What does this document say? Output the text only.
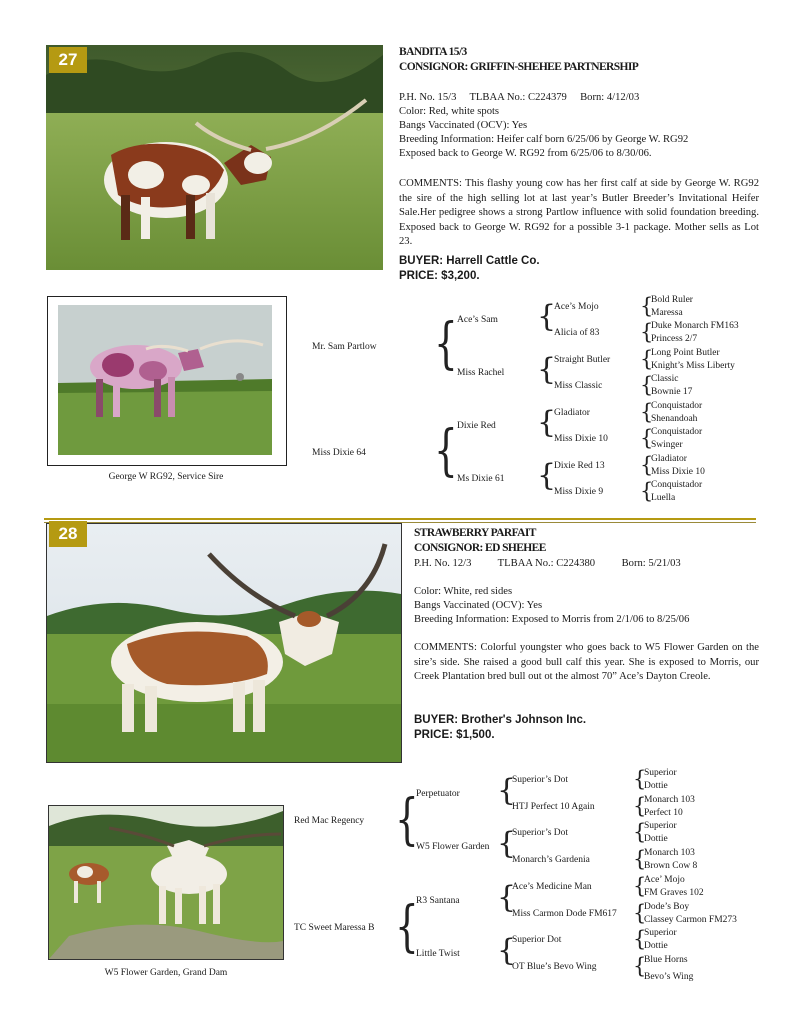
27	BANDITA 15/3
CONSIGNOR: GRIFFIN-SHEHEE PARTNERSHIP
P.H. No. 15/3     TLBAA No.: C224379     Born: 4/12/03
Color: Red, white spots
Bangs Vaccinated (OCV): Yes
Breeding Information: Heifer calf born 6/25/06 by George W. RG92
Exposed back to George W. RG92 from 6/25/06 to 8/30/06.
COMMENTS: This flashy young cow has her first calf at side by George W. RG92 the sire of the high selling lot at last year’s Butler Breeder’s Invitational Heifer Sale.Her pedigree shows a strong Partlow influence with solid foundation breeding. Exposed back to George W. RG92 for a possible 3-1 package. Mother sells as Lot 23.
BUYER: Harrell Cattle Co.
PRICE: $3,200.
George W RG92, Service Sire
Mr. Sam Partlow
Miss Dixie 64
{
{
Ace’s Sam
Miss Rachel
Dixie Red
Ms Dixie 61
{
{
{
{
Ace’s Mojo
Alicia of 83
Straight Butler
Miss Classic
Gladiator
Miss Dixie 10
Dixie Red 13
Miss Dixie 9
{
{
{
{
{
{
{
{
Bold Ruler
Maressa
Duke Monarch FM163
Princess 2/7
Long Point Butler
Knight’s Miss Liberty
Classic
Bownie 17
Conquistador
Shenandoah
Conquistador
Swinger
Gladiator
Miss Dixie 10
Conquistador
Luella
28	STRAWBERRY PARFAIT
CONSIGNOR: ED SHEHEE
P.H. No. 12/3          TLBAA No.: C224380          Born: 5/21/03
Color: White, red sides
Bangs Vaccinated (OCV): Yes
Breeding Information: Exposed to Morris from 2/1/06 to 8/25/06
COMMENTS: Colorful youngster who goes back to W5 Flower Garden on the sire’s side. She raised a good bull calf this year. She is exposed to Morris, our Creek Plantation bred bull out ot the almost 70” Ace’s Dayton Creole.
BUYER: Brother's Johnson Inc.
PRICE: $1,500.
W5 Flower Garden, Grand Dam
Red Mac Regency
TC Sweet Maressa B
{
{
Perpetuator
W5 Flower Garden
R3 Santana
Little Twist
{
{
{
{
Superior’s Dot
HTJ Perfect 10 Again
Superior’s Dot
Monarch’s Gardenia
Ace’s Medicine Man
Miss Carmon Dode FM617
Superior Dot
OT Blue’s Bevo Wing
{
{
{
{
{
{
{
{
Superior
Dottie
Monarch 103
Perfect 10
Superior
Dottie
Monarch 103
Brown Cow 8
Ace’ Mojo
FM Graves 102
Dode’s Boy
Classey Carmon FM273
Superior
Dottie
Blue Horns
Bevo’s Wing
